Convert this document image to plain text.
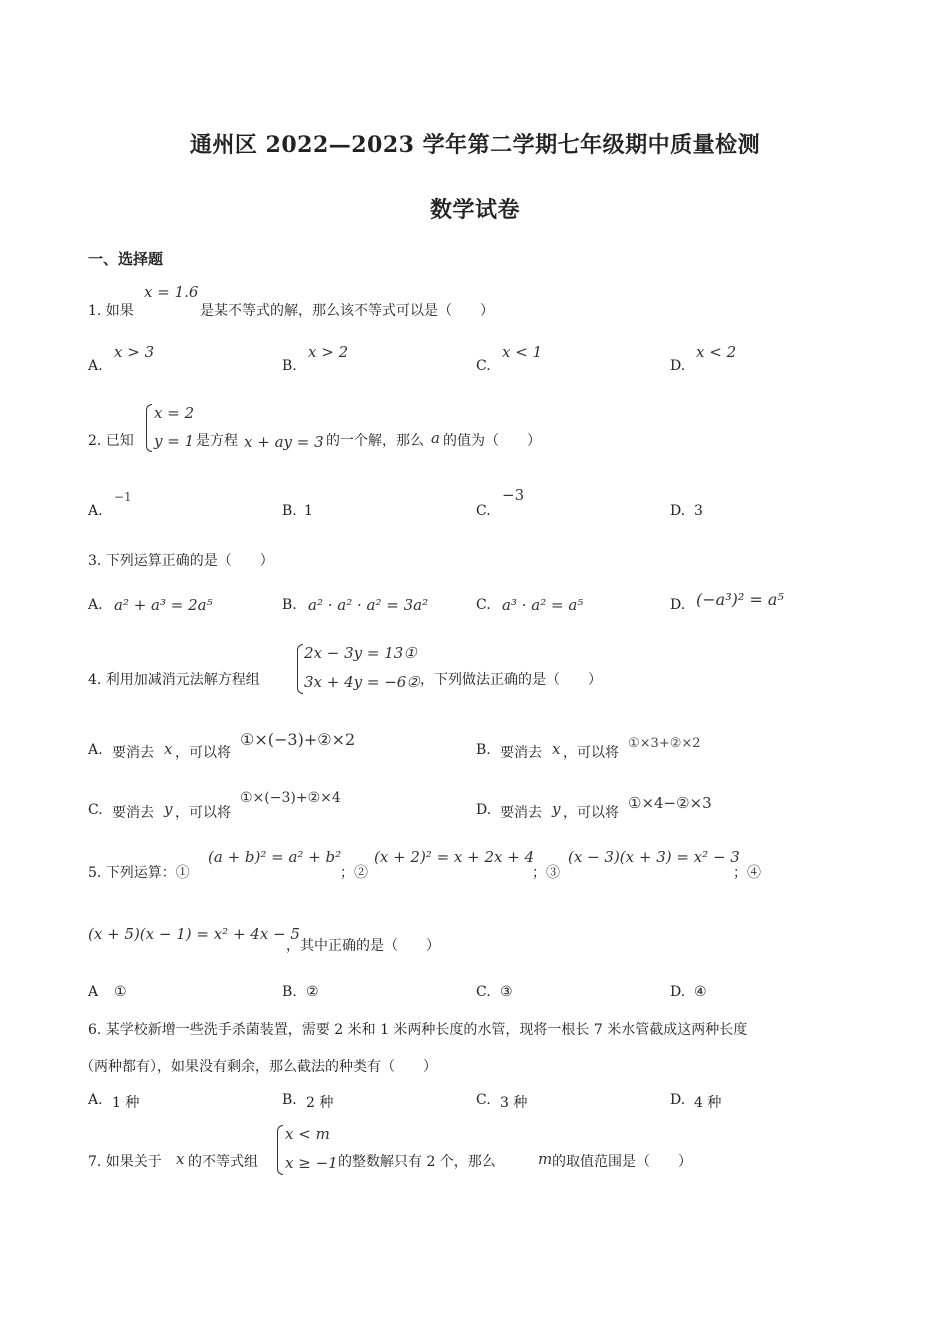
通州区 2022—2023 学年第二学期七年级期中质量检测
数学试卷
一、选择题
1. 如果
x = 1.6
是某不等式的解，那么该不等式可以是（　　）
A.
x > 3
B.
x > 2
C.
x < 1
D.
x < 2
2. 已知
x = 2
y = 1 是方程 x + ay = 3 的一个解，那么 a 的值为（　　）
A.
−1
B. 1	C.
−3
D. 3
3. 下列运算正确的是（　　）
A. a² + a³ = 2a⁵	B. a² · a² · a² = 3a²	C. a³ · a² = a⁵	D. (−a³)² = a⁵
4. 利用加减消元法解方程组
2x − 3y = 13①
3x + 4y = −6② ，下列做法正确的是（　　）
A. 要消去 x ，可以将
①×(−3)+②×2
B. 要消去 x ，可以将
①×3+②×2
C. 要消去 y ，可以将
①×(−3)+②×4
D. 要消去 y ，可以将
①×4−②×3
5. 下列运算：①
(a + b)² = a² + b²
；②
(x + 2)² = x + 2x + 4
；③
(x − 3)(x + 3) = x² − 3
；④
(x + 5)(x − 1) = x² + 4x − 5
，其中正确的是（　　）
A ①	B. ②	C. ③	D. ④
6. 某学校新增一些洗手杀菌装置，需要 2 米和 1 米两种长度的水管，现将一根长 7 米水管截成这两种长度
（两种都有），如果没有剩余，那么截法的种类有（　　）
A. 1 种	B. 2 种	C. 3 种	D. 4 种
7. 如果关于 x 的不等式组
x < m
x ≥ −1 的整数解只有 2 个，那么	m 的取值范围是（　　）
